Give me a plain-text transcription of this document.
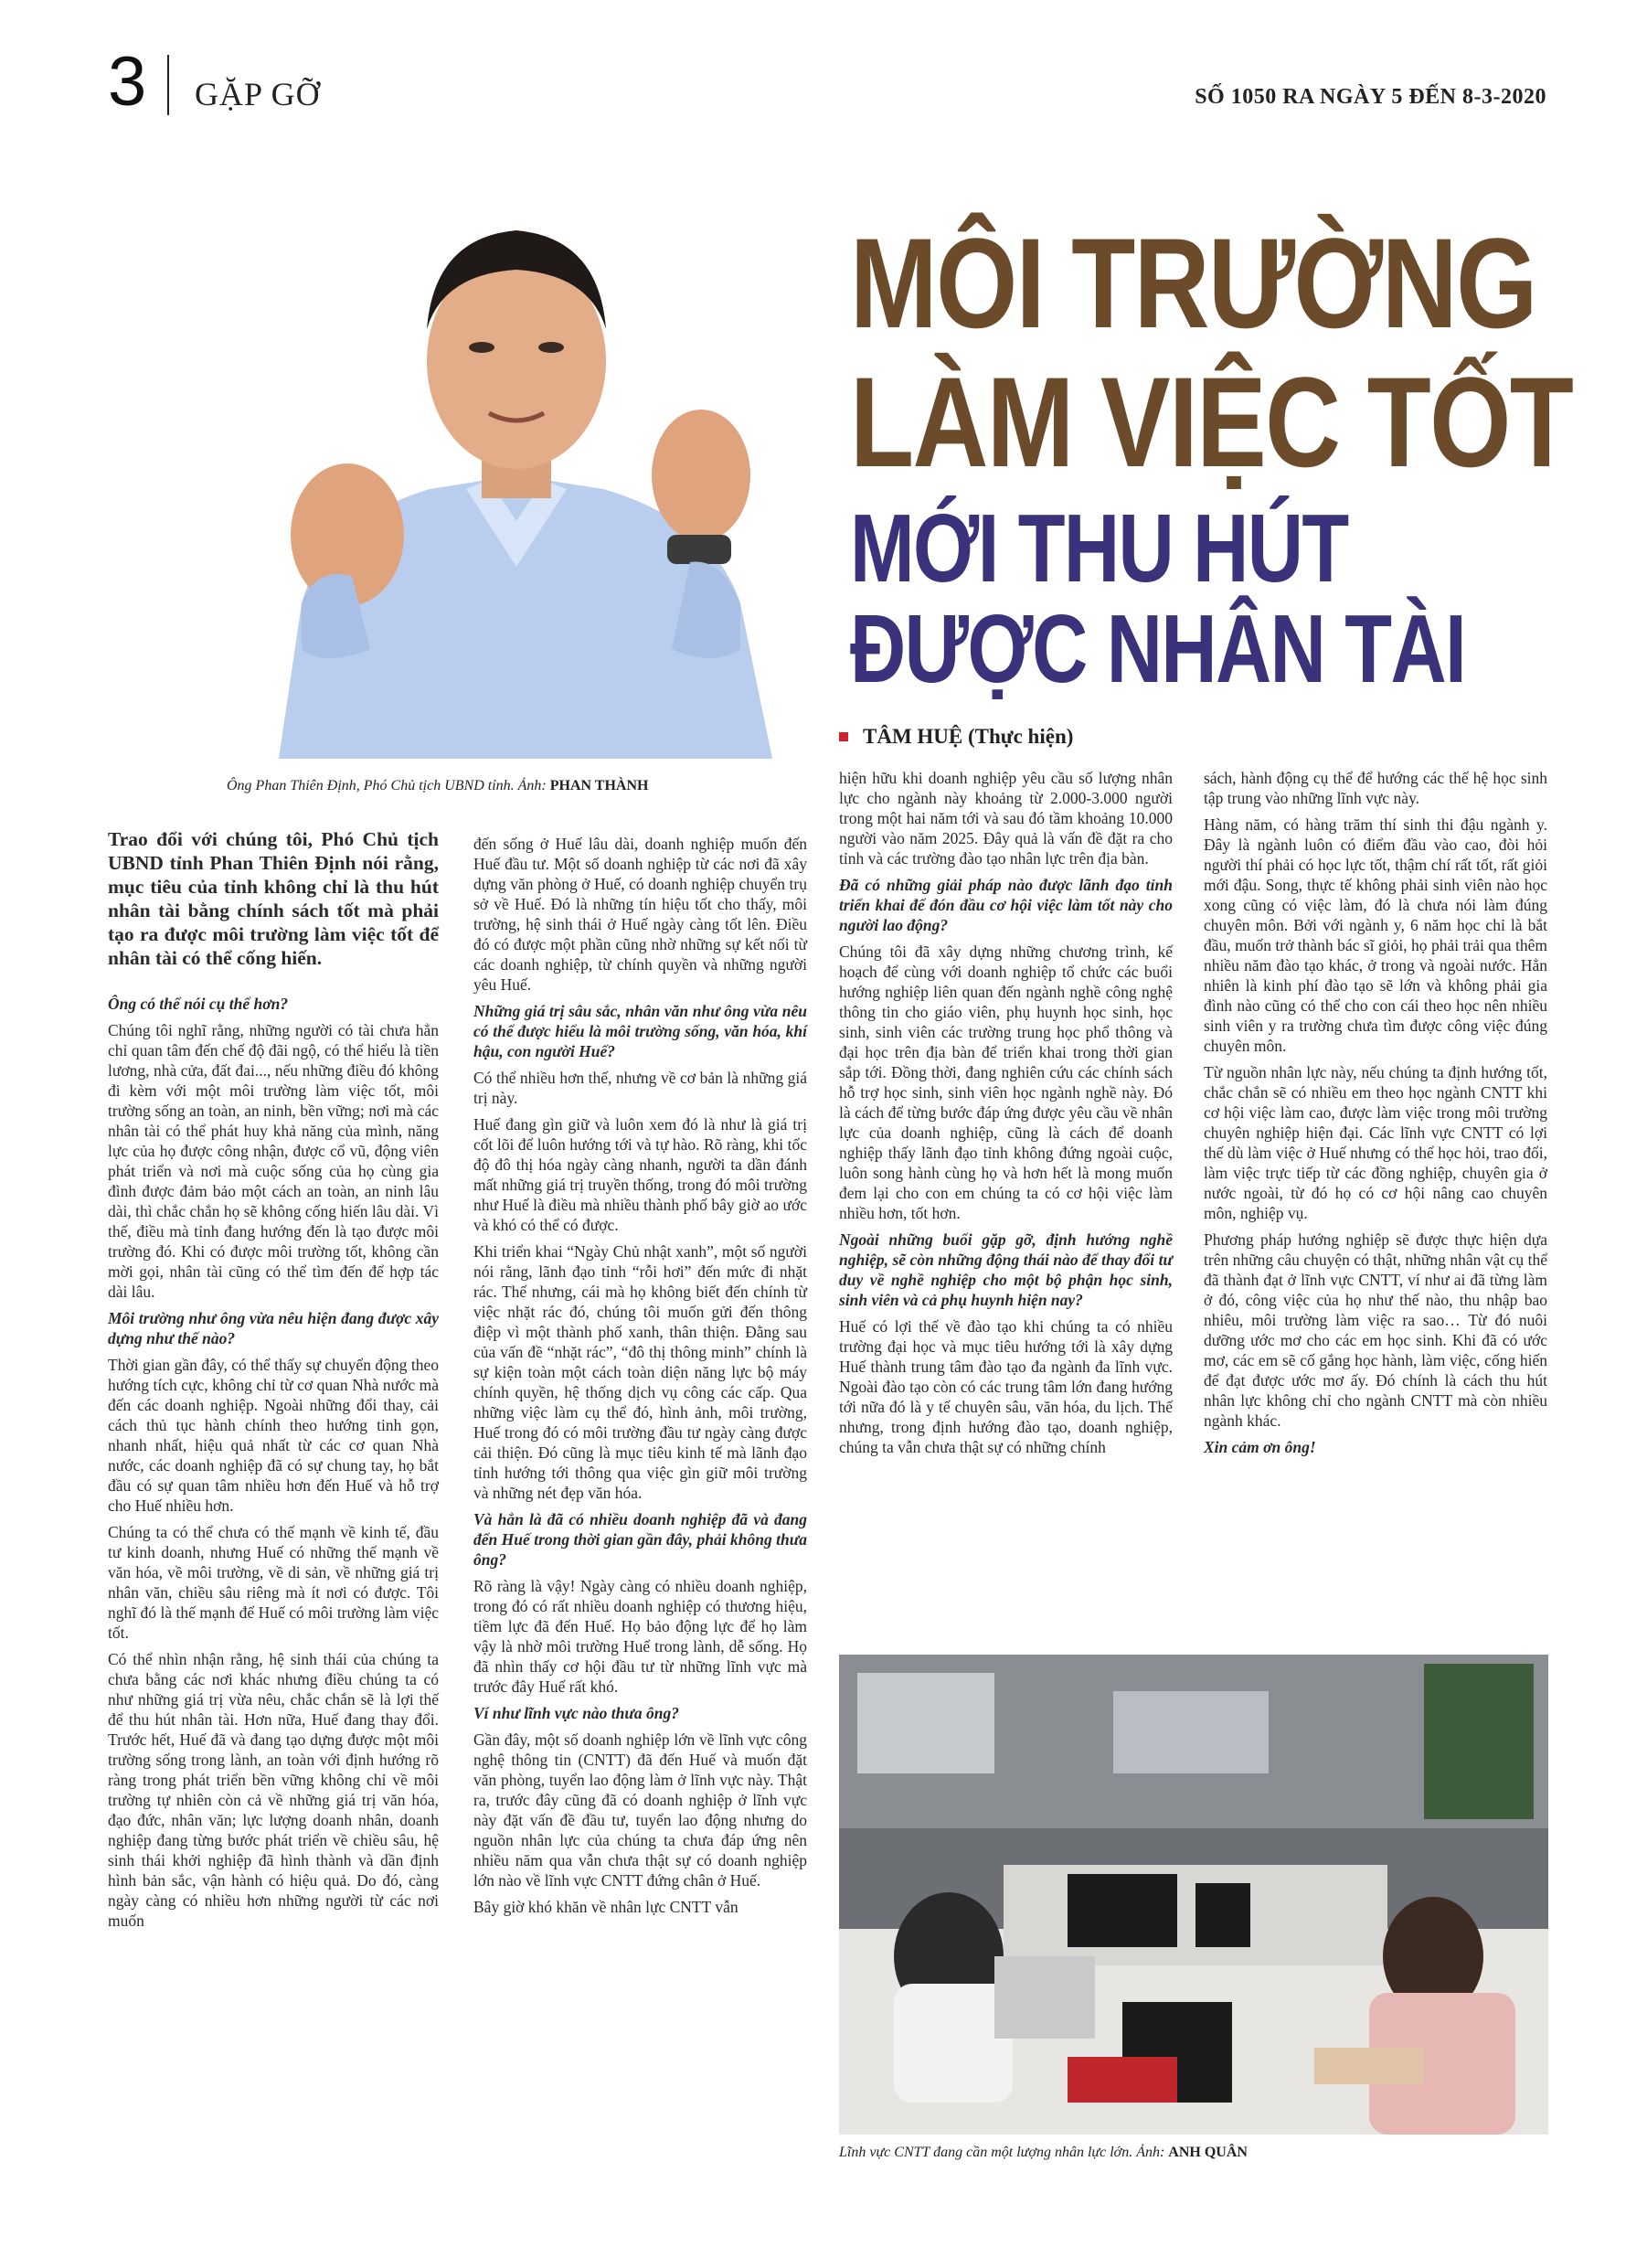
3 GẶP GỠ	SỐ 1050 RA NGÀY 5 ĐẾN 8-3-2020
MÔI TRƯỜNG
LÀM VIỆC TỐT
MỚI THU HÚT
ĐƯỢC NHÂN TÀI
TÂM HUỆ (Thực hiện)
Ông Phan Thiên Định, Phó Chủ tịch UBND tỉnh. Ảnh: PHAN THÀNH

Trao đổi với chúng tôi, Phó Chủ tịch UBND tỉnh Phan Thiên Định nói rằng, mục tiêu của tỉnh không chỉ là thu hút nhân tài bằng chính sách tốt mà phải tạo ra được môi trường làm việc tốt để nhân tài có thể cống hiến.

Ông có thể nói cụ thể hơn?

Chúng tôi nghĩ rằng, những người có tài chưa hẳn chỉ quan tâm đến chế độ đãi ngộ, có thể hiểu là tiền lương, nhà cửa, đất đai..., nếu những điều đó không đi kèm với một môi trường làm việc tốt, môi trường sống an toàn, an ninh, bền vững; nơi mà các nhân tài có thể phát huy khả năng của mình, năng lực của họ được công nhận, được cổ vũ, động viên phát triển và nơi mà cuộc sống của họ cùng gia đình được đảm bảo một cách an toàn, an ninh lâu dài, thì chắc chắn họ sẽ không cống hiến lâu dài. Vì thế, điều mà tỉnh đang hướng đến là tạo được môi trường đó. Khi có được môi trường tốt, không cần mời gọi, nhân tài cũng có thể tìm đến để hợp tác dài lâu.

Môi trường như ông vừa nêu hiện đang được xây dựng như thế nào?

Thời gian gần đây, có thể thấy sự chuyển động theo hướng tích cực, không chỉ từ cơ quan Nhà nước mà đến các doanh nghiệp. Ngoài những đổi thay, cải cách thủ tục hành chính theo hướng tinh gọn, nhanh nhất, hiệu quả nhất từ các cơ quan Nhà nước, các doanh nghiệp đã có sự chung tay, họ bắt đầu có sự quan tâm nhiều hơn đến Huế và hỗ trợ cho Huế nhiều hơn.

Chúng ta có thể chưa có thế mạnh về kinh tế, đầu tư kinh doanh, nhưng Huế có những thế mạnh về văn hóa, về môi trường, về di sản, về những giá trị nhân văn, chiều sâu riêng mà ít nơi có được. Tôi nghĩ đó là thế mạnh để Huế có môi trường làm việc tốt.

Có thể nhìn nhận rằng, hệ sinh thái của chúng ta chưa bằng các nơi khác nhưng điều chúng ta có như những giá trị vừa nêu, chắc chắn sẽ là lợi thế để thu hút nhân tài. Hơn nữa, Huế đang thay đổi. Trước hết, Huế đã và đang tạo dựng được một môi trường sống trong lành, an toàn với định hướng rõ ràng trong phát triển bền vững không chỉ về môi trường tự nhiên còn cả về những giá trị văn hóa, đạo đức, nhân văn; lực lượng doanh nhân, doanh nghiệp đang từng bước phát triển về chiều sâu, hệ sinh thái khởi nghiệp đã hình thành và dần định hình bản sắc, vận hành có hiệu quả. Do đó, càng ngày càng có nhiều hơn những người từ các nơi muốn

đến sống ở Huế lâu dài, doanh nghiệp muốn đến Huế đầu tư. Một số doanh nghiệp từ các nơi đã xây dựng văn phòng ở Huế, có doanh nghiệp chuyển trụ sở về Huế. Đó là những tín hiệu tốt cho thấy, môi trường, hệ sinh thái ở Huế ngày càng tốt lên. Điều đó có được một phần cũng nhờ những sự kết nối từ các doanh nghiệp, từ chính quyền và những người yêu Huế.

Những giá trị sâu sắc, nhân văn như ông vừa nêu có thể được hiểu là môi trường sống, văn hóa, khí hậu, con người Huế?

Có thể nhiều hơn thế, nhưng về cơ bản là những giá trị này.

Huế đang gìn giữ và luôn xem đó là như là giá trị cốt lõi để luôn hướng tới và tự hào. Rõ ràng, khi tốc độ đô thị hóa ngày càng nhanh, người ta dần đánh mất những giá trị truyền thống, trong đó môi trường như Huế là điều mà nhiều thành phố bây giờ ao ước và khó có thể có được.

Khi triển khai “Ngày Chủ nhật xanh”, một số người nói rằng, lãnh đạo tỉnh “rỗi hơi” đến mức đi nhặt rác. Thế nhưng, cái mà họ không biết đến chính từ việc nhặt rác đó, chúng tôi muốn gửi đến thông điệp vì một thành phố xanh, thân thiện. Đằng sau của vấn đề “nhặt rác”, “đô thị thông minh” chính là sự kiện toàn một cách toàn diện năng lực bộ máy chính quyền, hệ thống dịch vụ công các cấp. Qua những việc làm cụ thể đó, hình ảnh, môi trường, Huế trong đó có môi trường đầu tư ngày càng được cải thiện. Đó cũng là mục tiêu kinh tế mà lãnh đạo tỉnh hướng tới thông qua việc gìn giữ môi trường và những nét đẹp văn hóa.

Và hẳn là đã có nhiều doanh nghiệp đã và đang đến Huế trong thời gian gần đây, phải không thưa ông?

Rõ ràng là vậy! Ngày càng có nhiều doanh nghiệp, trong đó có rất nhiều doanh nghiệp có thương hiệu, tiềm lực đã đến Huế. Họ bảo động lực để họ làm vậy là nhờ môi trường Huế trong lành, dễ sống. Họ đã nhìn thấy cơ hội đầu tư từ những lĩnh vực mà trước đây Huế rất khó.

Ví như lĩnh vực nào thưa ông?

Gần đây, một số doanh nghiệp lớn về lĩnh vực công nghệ thông tin (CNTT) đã đến Huế và muốn đặt văn phòng, tuyển lao động làm ở lĩnh vực này. Thật ra, trước đây cũng đã có doanh nghiệp ở lĩnh vực này đặt vấn đề đầu tư, tuyển lao động nhưng do nguồn nhân lực của chúng ta chưa đáp ứng nên nhiều năm qua vẫn chưa thật sự có doanh nghiệp lớn nào về lĩnh vực CNTT đứng chân ở Huế.

Bây giờ khó khăn về nhân lực CNTT vẫn

hiện hữu khi doanh nghiệp yêu cầu số lượng nhân lực cho ngành này khoảng từ 2.000-3.000 người trong một hai năm tới và sau đó tầm khoảng 10.000 người vào năm 2025. Đây quả là vấn đề đặt ra cho tỉnh và các trường đào tạo nhân lực trên địa bàn.

Đã có những giải pháp nào được lãnh đạo tỉnh triển khai để đón đầu cơ hội việc làm tốt này cho người lao động?

Chúng tôi đã xây dựng những chương trình, kế hoạch để cùng với doanh nghiệp tổ chức các buổi hướng nghiệp liên quan đến ngành nghề công nghệ thông tin cho giáo viên, phụ huynh học sinh, học sinh, sinh viên các trường trung học phổ thông và đại học trên địa bàn để triển khai trong thời gian sắp tới. Đồng thời, đang nghiên cứu các chính sách hỗ trợ học sinh, sinh viên học ngành nghề này. Đó là cách để từng bước đáp ứng được yêu cầu về nhân lực của doanh nghiệp, cũng là cách để doanh nghiệp thấy lãnh đạo tỉnh không đứng ngoài cuộc, luôn song hành cùng họ và hơn hết là mong muốn đem lại cho con em chúng ta có cơ hội việc làm nhiều hơn, tốt hơn.

Ngoài những buổi gặp gỡ, định hướng nghề nghiệp, sẽ còn những động thái nào để thay đổi tư duy về nghề nghiệp cho một bộ phận học sinh, sinh viên và cả phụ huynh hiện nay?

Huế có lợi thế về đào tạo khi chúng ta có nhiều trường đại học và mục tiêu hướng tới là xây dựng Huế thành trung tâm đào tạo đa ngành đa lĩnh vực. Ngoài đào tạo còn có các trung tâm lớn đang hướng tới nữa đó là y tế chuyên sâu, văn hóa, du lịch. Thế nhưng, trong định hướng đào tạo, doanh nghiệp, chúng ta vẫn chưa thật sự có những chính

sách, hành động cụ thể để hướng các thế hệ học sinh tập trung vào những lĩnh vực này.

Hàng năm, có hàng trăm thí sinh thi đậu ngành y. Đây là ngành luôn có điểm đầu vào cao, đòi hỏi người thí phải có học lực tốt, thậm chí rất tốt, rất giỏi mới đậu. Song, thực tế không phải sinh viên nào học xong cũng có việc làm, đó là chưa nói làm đúng chuyên môn. Bởi với ngành y, 6 năm học chỉ là bắt đầu, muốn trở thành bác sĩ giỏi, họ phải trải qua thêm nhiều năm đào tạo khác, ở trong và ngoài nước. Hẳn nhiên là kinh phí đào tạo sẽ lớn và không phải gia đình nào cũng có thể cho con cái theo học nên nhiều sinh viên y ra trường chưa tìm được công việc đúng chuyên môn.

Từ nguồn nhân lực này, nếu chúng ta định hướng tốt, chắc chắn sẽ có nhiều em theo học ngành CNTT khi cơ hội việc làm cao, được làm việc trong môi trường chuyên nghiệp hiện đại. Các lĩnh vực CNTT có lợi thế dù làm việc ở Huế nhưng có thể học hỏi, trao đổi, làm việc trực tiếp từ các đồng nghiệp, chuyên gia ở nước ngoài, từ đó họ có cơ hội nâng cao chuyên môn, nghiệp vụ.

Phương pháp hướng nghiệp sẽ được thực hiện dựa trên những câu chuyện có thật, những nhân vật cụ thể đã thành đạt ở lĩnh vực CNTT, ví như ai đã từng làm ở đó, công việc của họ như thế nào, thu nhập bao nhiêu, môi trường làm việc ra sao… Từ đó nuôi dưỡng ước mơ cho các em học sinh. Khi đã có ước mơ, các em sẽ cố gắng học hành, làm việc, cống hiến để đạt được ước mơ ấy. Đó chính là cách thu hút nhân lực không chỉ cho ngành CNTT mà còn nhiều ngành khác.

Xin cảm ơn ông!

Lĩnh vực CNTT đang cần một lượng nhân lực lớn. Ảnh: ANH QUÂN
